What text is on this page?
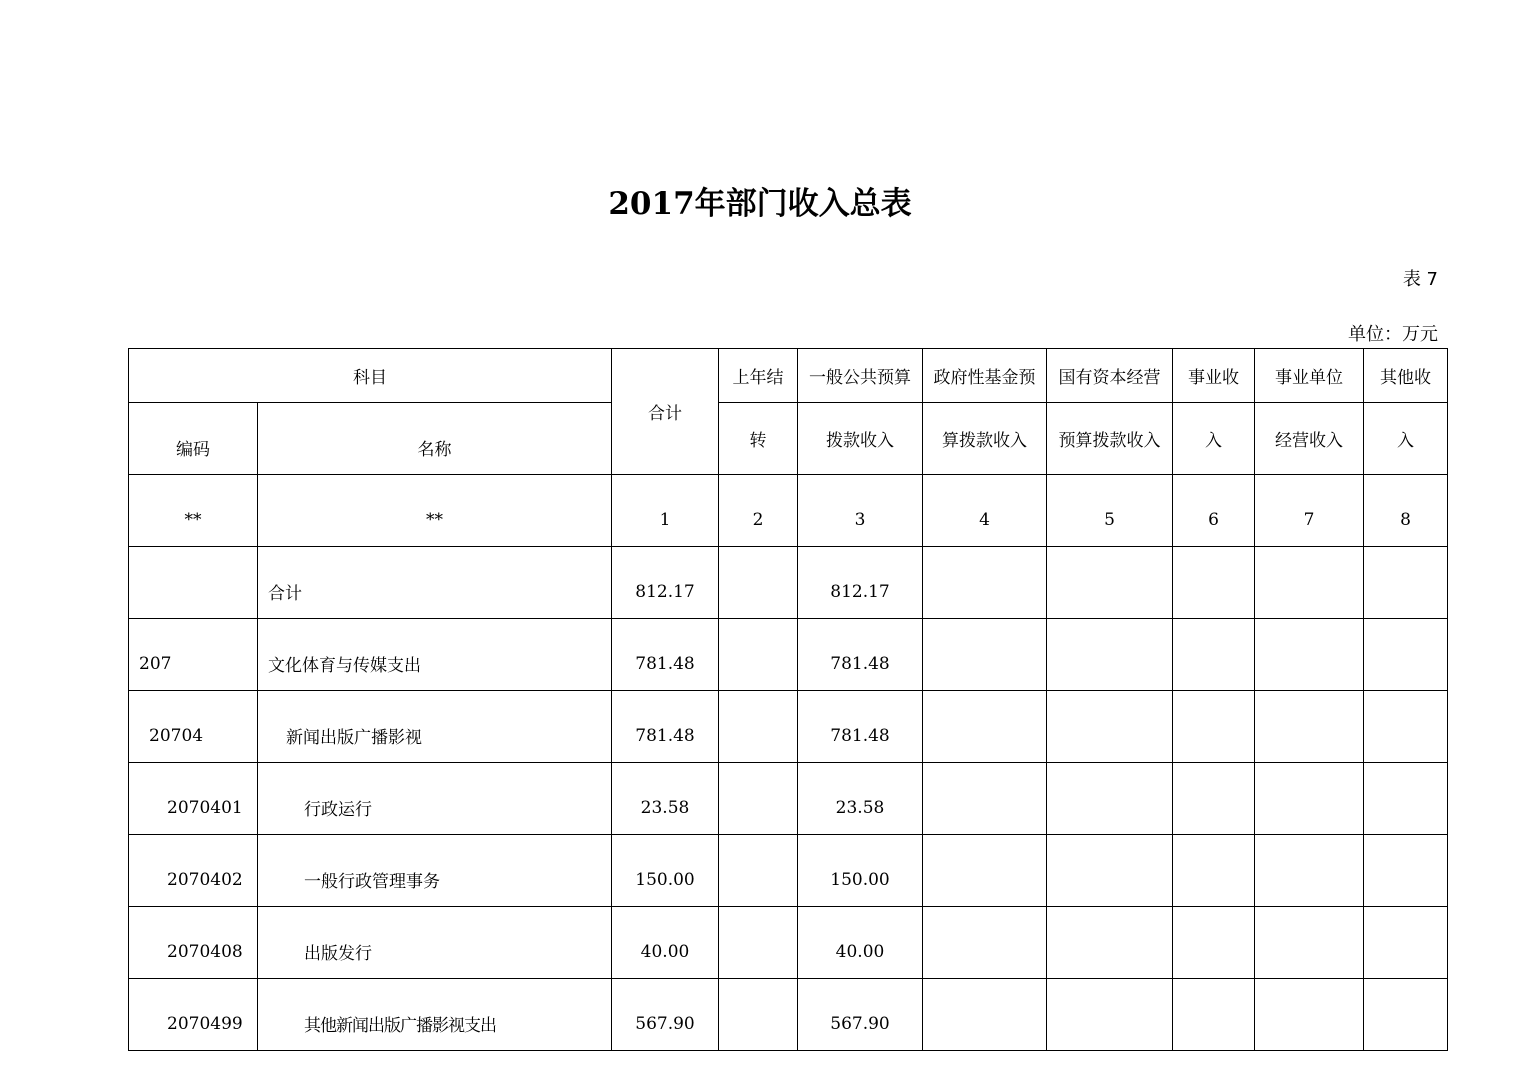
2017年部门收入总表
表 7
单位：万元
科目		合计	上年结	一般公共预算	政府性基金预	国有资本经营	事业收	事业单位	其他收
编码	名称		转	拨款收入	算拨款收入	预算拨款收入	入	经营收入	入
**	**	1	2	3	4	5	6	7	8
	合计	812.17		812.17					
207	文化体育与传媒支出	781.48		781.48					
20704	新闻出版广播影视	781.48		781.48					
2070401	行政运行	23.58		23.58					
2070402	一般行政管理事务	150.00		150.00					
2070408	出版发行	40.00		40.00					
2070499	其他新闻出版广播影视支出	567.90		567.90					
